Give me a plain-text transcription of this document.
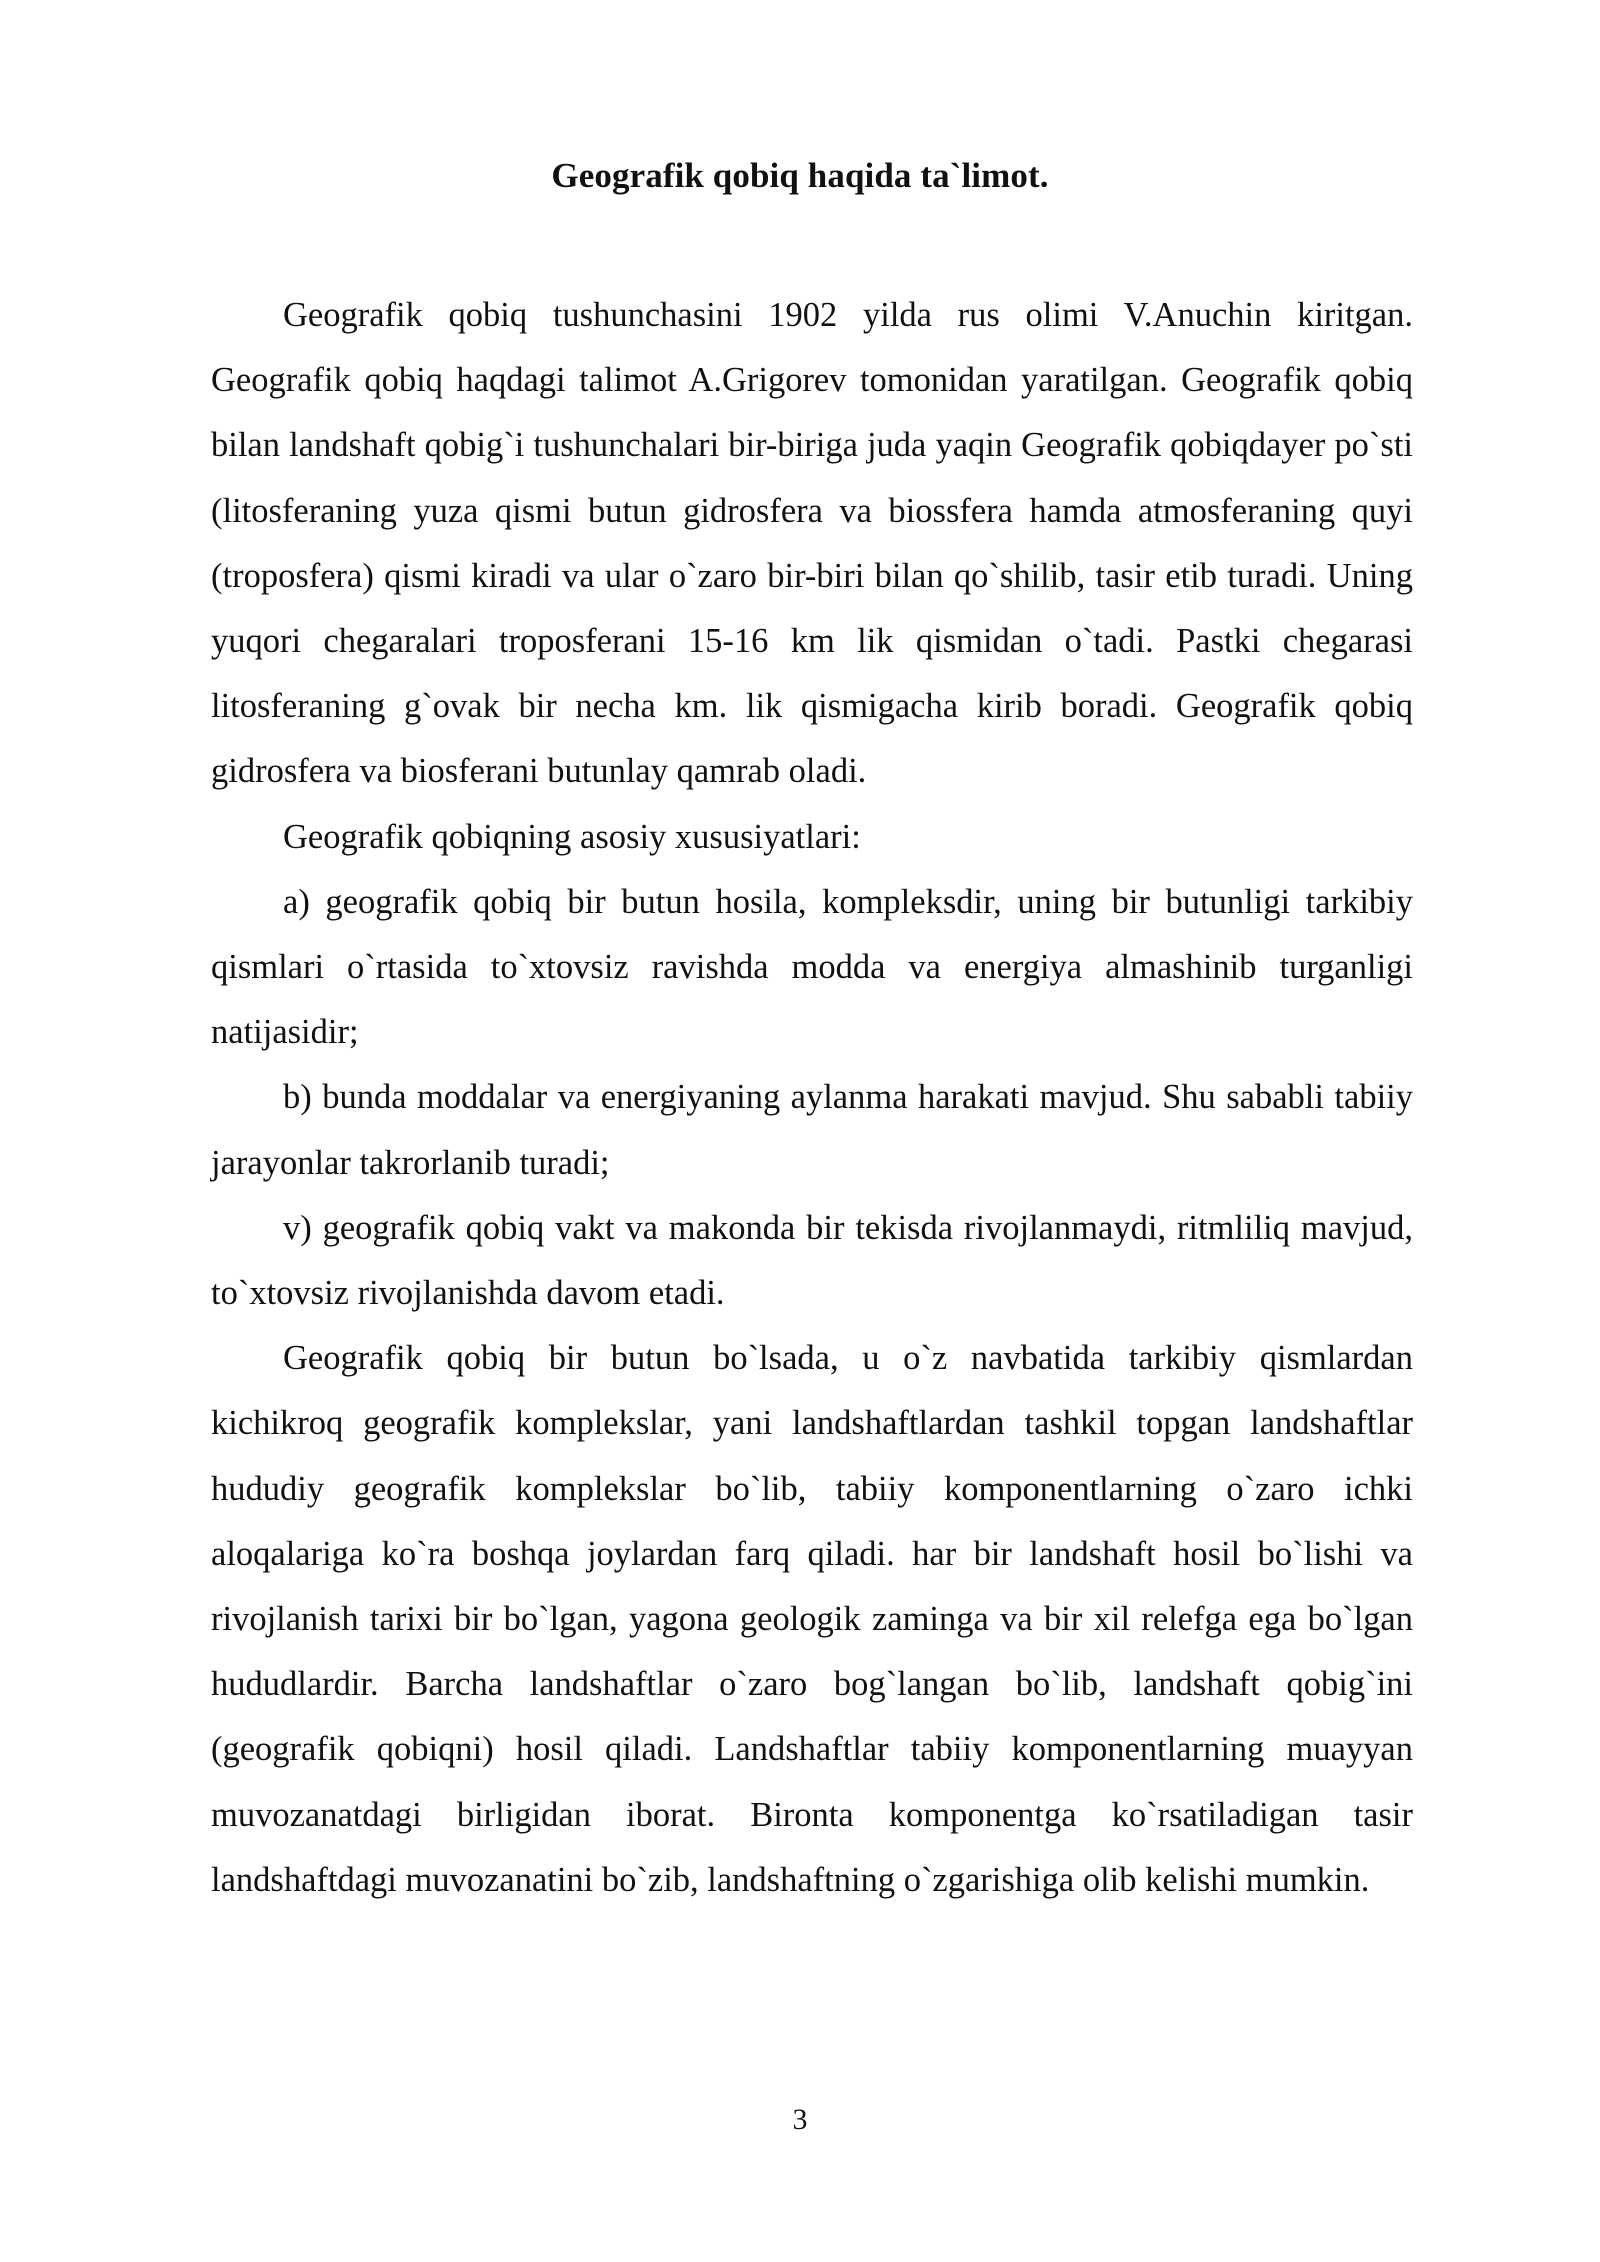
Geografik qobiq haqida ta`limot.

Geografik qobiq tushunchasini 1902 yilda rus olimi V.Anuchin kiritgan. Geografik qobiq haqdagi talimot A.Grigorev tomonidan yaratilgan. Geografik qobiq bilan landshaft qobig`i tushunchalari bir-biriga juda yaqin Geografik qobiqdayer po`sti (litosferaning yuza qismi butun gidrosfera va biossfera hamda atmosferaning quyi (troposfera) qismi kiradi va ular o`zaro bir-biri bilan qo`shilib, tasir etib turadi. Uning yuqori chegaralari troposferani 15-16 km lik qismidan o`tadi. Pastki chegarasi litosferaning g`ovak bir necha km. lik qismigacha kirib boradi. Geografik qobiq gidrosfera va biosferani butunlay qamrab oladi.

Geografik qobiqning asosiy xususiyatlari:

a) geografik qobiq bir butun hosila, kompleksdir, uning bir butunligi tarkibiy qismlari o`rtasida to`xtovsiz ravishda modda va energiya almashinib turganligi natijasidir;

b) bunda moddalar va energiyaning aylanma harakati mavjud. Shu sababli tabiiy jarayonlar takrorlanib turadi;

v) geografik qobiq vakt va makonda bir tekisda rivojlanmaydi, ritmliliq mavjud, to`xtovsiz rivojlanishda davom etadi.

Geografik qobiq bir butun bo`lsada, u o`z navbatida tarkibiy qismlardan kichikroq geografik komplekslar, yani landshaftlardan tashkil topgan landshaftlar hududiy geografik komplekslar bo`lib, tabiiy komponentlarning o`zaro ichki aloqalariga ko`ra boshqa joylardan farq qiladi. har bir landshaft hosil bo`lishi va rivojlanish tarixi bir bo`lgan, yagona geologik zaminga va bir xil relefga ega bo`lgan hududlardir. Barcha landshaftlar o`zaro bog`langan bo`lib, landshaft qobig`ini (geografik qobiqni) hosil qiladi. Landshaftlar tabiiy komponentlarning muayyan muvozanatdagi birligidan iborat. Bironta komponentga ko`rsatiladigan tasir landshaftdagi muvozanatini bo`zib, landshaftning o`zgarishiga olib kelishi mumkin.

3
